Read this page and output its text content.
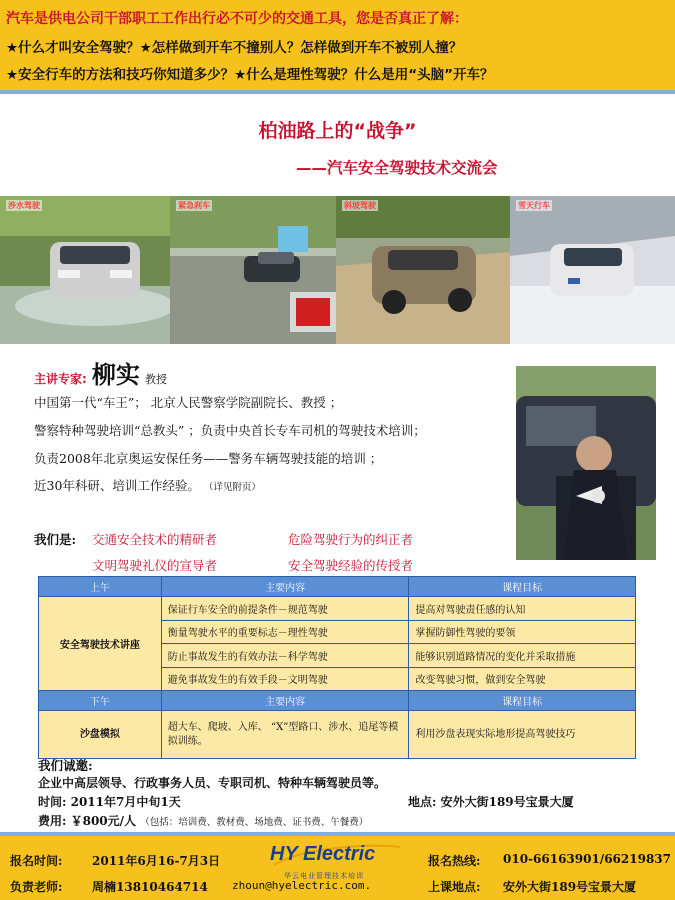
汽车是供电公司干部职工工作出行必不可少的交通工具，您是否真正了解：
★什么才叫安全驾驶？★怎样做到开车不撞别人？怎样做到开车不被别人撞？
★安全行车的方法和技巧你知道多少？★什么是理性驾驶？什么是用“头脑”开车？
柏油路上的“战争”
——汽车安全驾驶技术交流会
涉水驾驶	紧急刹车	斜坡驾驶	雪天行车
主讲专家: 柳实 教授
中国第一代“车王”； 北京人民警察学院副院长、教授 ；
警察特种驾驶培训“总教头” ；负责中央首长专车司机的驾驶技术培训；
负责2008年北京奥运安保任务——警务车辆驾驶技能的培训 ；
近30年科研、培训工作经验。 （详见附页）
我们是: 交通安全技术的精研者	危险驾驶行为的纠正者
文明驾驶礼仪的宣导者	安全驾驶经验的传授者
上午	主要内容	课程目标
安全驾驶技术讲座	保证行车安全的前提条件－规范驾驶	提高对驾驶责任感的认知
	衡量驾驶水平的重要标志－理性驾驶	掌握防御性驾驶的要领
	防止事故发生的有效办法－科学驾驶	能够识别道路情况的变化并采取措施
	避免事故发生的有效手段－文明驾驶	改变驾驶习惯，做到安全驾驶
下午	主要内容	课程目标
沙盘模拟	超大车、爬坡、入库、 “X”型路口、涉水、追尾等模拟训练。	利用沙盘表现实际地形提高驾驶技巧
我们诚邀:
企业中高层领导、行政事务人员、专职司机、特种车辆驾驶员等。
时间: 2011年7月中旬1天
费用: ￥800元/人 （包括：培训费、教材费、场地费、证书费、午餐费）
地点: 安外大街189号宝景大厦
报名时间: 2011年6月16-7月3日	报名热线: 010-66163901/66219837
负责老师: 周楠13810464714 zhoun@hyelectric.com.	上课地点: 安外大街189号宝景大厦
HY Electric
华云电业管理技术培训
